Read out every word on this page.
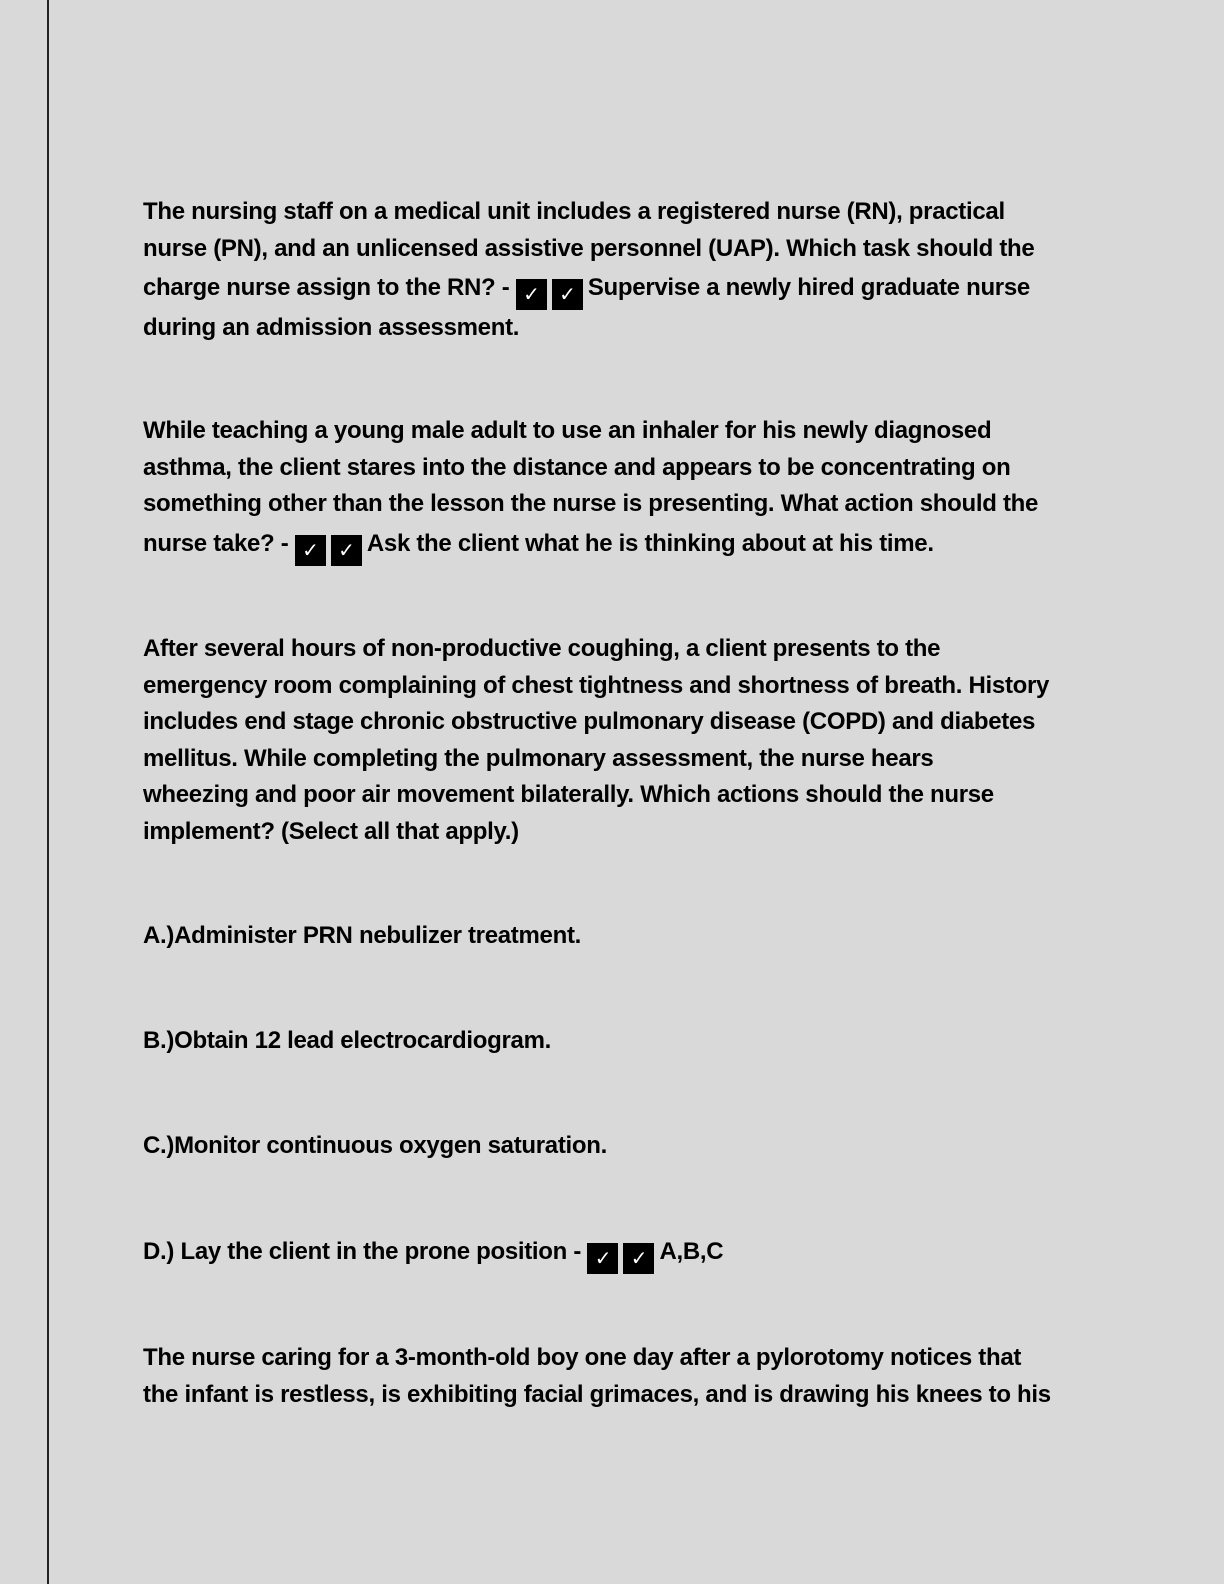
The nursing staff on a medical unit includes a registered nurse (RN), practical
nurse (PN), and an unlicensed assistive personnel (UAP). Which task should the
charge nurse assign to the RN? - ✓ ✓ Supervise a newly hired graduate nurse
during an admission assessment.
While teaching a young male adult to use an inhaler for his newly diagnosed
asthma, the client stares into the distance and appears to be concentrating on
something other than the lesson the nurse is presenting. What action should the
nurse take? - ✓ ✓ Ask the client what he is thinking about at his time.
After several hours of non-productive coughing, a client presents to the
emergency room complaining of chest tightness and shortness of breath. History
includes end stage chronic obstructive pulmonary disease (COPD) and diabetes
mellitus. While completing the pulmonary assessment, the nurse hears
wheezing and poor air movement bilaterally. Which actions should the nurse
implement? (Select all that apply.)
A.)Administer PRN nebulizer treatment.
B.)Obtain 12 lead electrocardiogram.
C.)Monitor continuous oxygen saturation.
D.) Lay the client in the prone position - ✓ ✓ A,B,C
The nurse caring for a 3-month-old boy one day after a pylorotomy notices that
the infant is restless, is exhibiting facial grimaces, and is drawing his knees to his
